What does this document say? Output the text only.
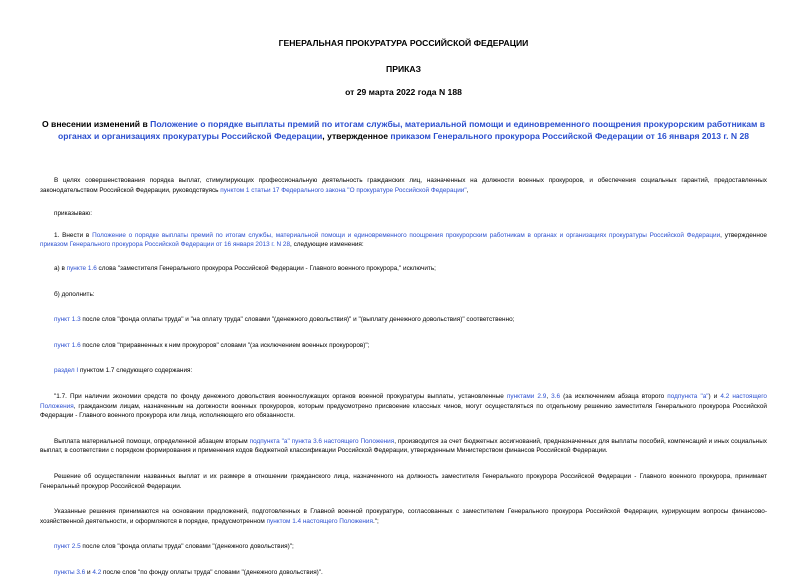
ГЕНЕРАЛЬНАЯ ПРОКУРАТУРА РОССИЙСКОЙ ФЕДЕРАЦИИ
ПРИКАЗ
от 29 марта 2022 года N 188
О внесении изменений в Положение о порядке выплаты премий по итогам службы, материальной помощи и единовременного поощрения прокурорским работникам в органах и организациях прокуратуры Российской Федерации, утвержденное приказом Генерального прокурора Российской Федерации от 16 января 2013 г. N 28

В целях совершенствования порядка выплат, стимулирующих профессиональную деятельность гражданских лиц, назначенных на должности военных прокуроров, и обеспечения социальных гарантий, предоставленных законодательством Российской Федерации, руководствуясь пунктом 1 статьи 17 Федерального закона "О прокуратуре Российской Федерации",

приказываю:

1. Внести в Положение о порядке выплаты премий по итогам службы, материальной помощи и единовременного поощрения прокурорским работникам в органах и организациях прокуратуры Российской Федерации, утвержденное приказом Генерального прокурора Российской Федерации от 16 января 2013 г. N 28, следующие изменения:

а) в пункте 1.6 слова "заместителя Генерального прокурора Российской Федерации - Главного военного прокурора," исключить;

б) дополнить:

пункт 1.3 после слов "фонда оплаты труда" и "на оплату труда" словами "(денежного довольствия)" и "(выплату денежного довольствия)" соответственно;

пункт 1.6 после слов "приравненных к ним прокуроров" словами "(за исключением военных прокуроров)";

раздел I пунктом 1.7 следующего содержания:

"1.7. При наличии экономии средств по фонду денежного довольствия военнослужащих органов военной прокуратуры выплаты, установленные пунктами 2.9, 3.6 (за исключением абзаца второго подпункта "а") и 4.2 настоящего Положения, гражданским лицам, назначенным на должности военных прокуроров, которым предусмотрено присвоение классных чинов, могут осуществляться по отдельному решению заместителя Генерального прокурора Российской Федерации - Главного военного прокурора или лица, исполняющего его обязанности.

Выплата материальной помощи, определенной абзацем вторым подпункта "а" пункта 3.6 настоящего Положения, производится за счет бюджетных ассигнований, предназначенных для выплаты пособий, компенсаций и иных социальных выплат, в соответствии с порядком формирования и применения кодов бюджетной классификации Российской Федерации, утвержденным Министерством финансов Российской Федерации.

Решение об осуществлении названных выплат и их размере в отношении гражданского лица, назначенного на должность заместителя Генерального прокурора Российской Федерации - Главного военного прокурора, принимает Генеральный прокурор Российской Федерации.

Указанные решения принимаются на основании предложений, подготовленных в Главной военной прокуратуре, согласованных с заместителем Генерального прокурора Российской Федерации, курирующим вопросы финансово-хозяйственной деятельности, и оформляются в порядке, предусмотренном пунктом 1.4 настоящего Положения.";

пункт 2.5 после слов "фонда оплаты труда" словами "(денежного довольствия)";

пункты 3.6 и 4.2 после слов "по фонду оплаты труда" словами "(денежного довольствия)".
